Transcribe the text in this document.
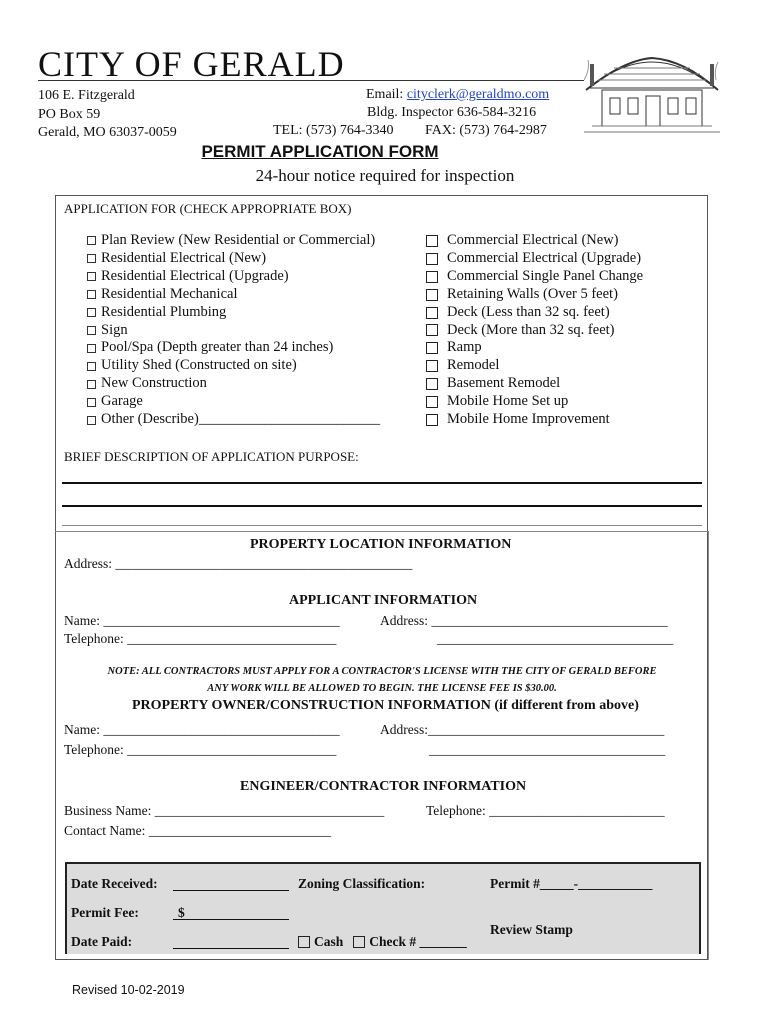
CITY OF GERALD
106 E. Fitzgerald
PO Box 59
Gerald, MO 63037-0059
Email: cityclerk@geraldmo.com
Bldg. Inspector 636-584-3216
TEL: (573) 764-3340 FAX: (573) 764-2987
PERMIT APPLICATION FORM
24-hour notice required for inspection
APPLICATION FOR (CHECK APPROPRIATE BOX)
Plan Review (New Residential or Commercial)
Residential Electrical (New)
Residential Electrical (Upgrade)
Residential Mechanical
Residential Plumbing
Sign
Pool/Spa (Depth greater than 24 inches)
Utility Shed (Constructed on site)
New Construction
Garage
Other (Describe)_________________________
Commercial Electrical (New)
Commercial Electrical (Upgrade)
Commercial Single Panel Change
Retaining Walls (Over 5 feet)
Deck (Less than 32 sq. feet)
Deck (More than 32 sq. feet)
Ramp
Remodel
Basement Remodel
Mobile Home Set up
Mobile Home Improvement
BRIEF DESCRIPTION OF APPLICATION PURPOSE:
PROPERTY LOCATION INFORMATION
Address: ____________________________________________
APPLICANT INFORMATION
Name: ___________________________________	Address: ___________________________________
Telephone: _______________________________	___________________________________
NOTE: ALL CONTRACTORS MUST APPLY FOR A CONTRACTOR'S LICENSE WITH THE CITY OF GERALD BEFORE
ANY WORK WILL BE ALLOWED TO BEGIN. THE LICENSE FEE IS $30.00.
PROPERTY OWNER/CONSTRUCTION INFORMATION (if different from above)
Name: ___________________________________	Address:___________________________________
Telephone: _______________________________	___________________________________
ENGINEER/CONTRACTOR INFORMATION
Business Name: __________________________________	Telephone: __________________________
Contact Name: ___________________________
Date Received:	Zoning Classification:	Permit #_____-___________
Permit Fee:	$
Review Stamp
Date Paid:	Cash Check # _______
Revised 10-02-2019
